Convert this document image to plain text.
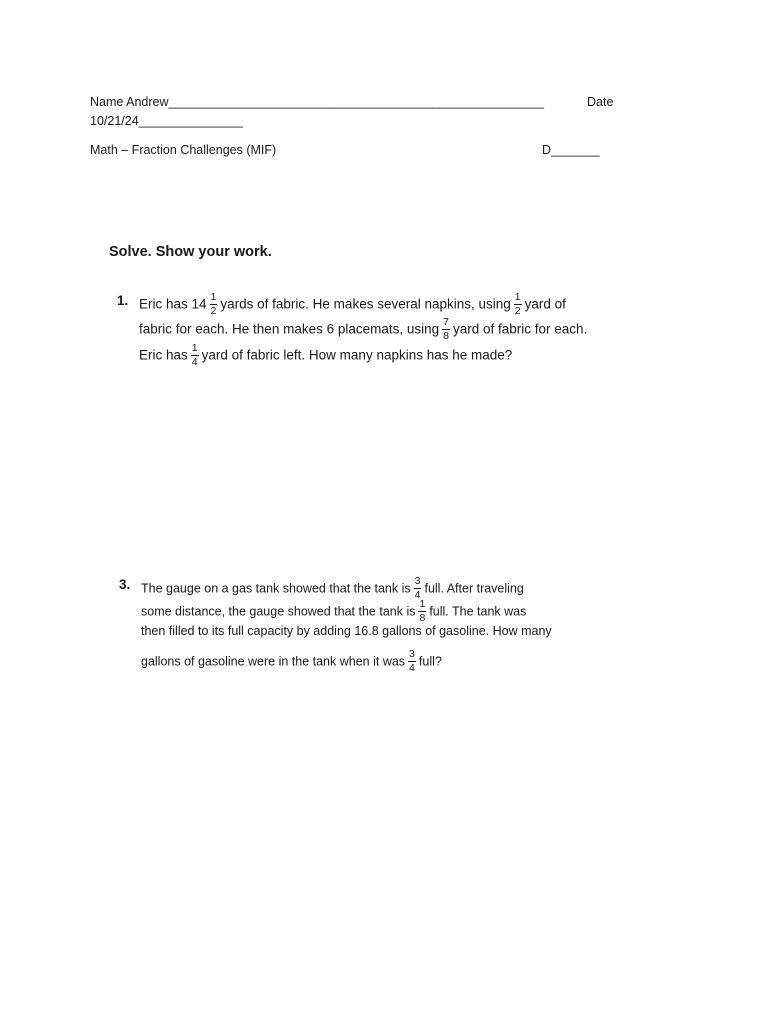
Name Andrew______________________________________________________	Date
10/21/24_______________
Math – Fraction Challenges (MIF)	D_______
Solve. Show your work.
1. Eric has $14 \frac{1}{2}$ yards of fabric. He makes several napkins, using $\frac{1}{2}$ yard of
fabric for each. He then makes 6 placemats, using $\frac{7}{8}$ yard of fabric for each.
Eric has $\frac{1}{4}$ yard of fabric left. How many napkins has he made?
3. The gauge on a gas tank showed that the tank is $\frac{3}{4}$ full. After traveling
some distance, the gauge showed that the tank is $\frac{1}{8}$ full. The tank was
then filled to its full capacity by adding 16.8 gallons of gasoline. How many
gallons of gasoline were in the tank when it was $\frac{3}{4}$ full?
